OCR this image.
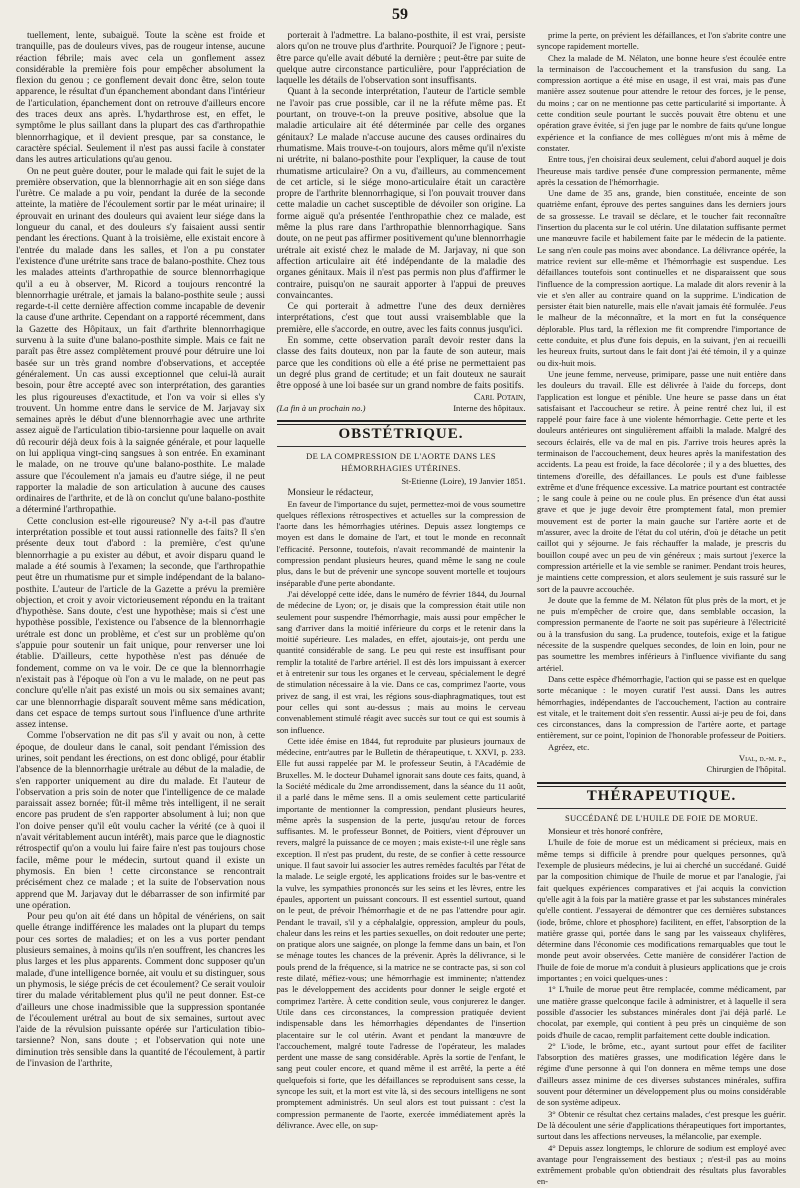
59

tuellement, lente, subaiguë. Toute la scène est froide et tranquille, pas de douleurs vives, pas de rougeur intense, aucune réaction fébrile; mais avec cela un gonflement assez considérable la première fois pour empêcher absolument la flexion du genou ; ce gonflement devait donc être, selon toute apparence, le résultat d'un épanchement abondant dans l'intérieur de l'articulation, épanchement dont on retrouve d'ailleurs encore des traces deux ans après. L'hydarthrose est, en effet, le symptôme le plus saillant dans la plupart des cas d'arthropathie blennorrhagique, et il devient presque, par sa constance, le caractère spécial. Seulement il n'est pas aussi facile à constater dans les autres articulations qu'au genou.

On ne peut guère douter, pour le malade qui fait le sujet de la première observation, que la blennorrhagie ait en son siége dans l'urètre. Ce malade a pu voir, pendant la durée de la seconde atteinte, la matière de l'écoulement sortir par le méat urinaire; il éprouvait en urinant des douleurs qui avaient leur siége dans la longueur du canal, et des douleurs s'y faisaient aussi sentir pendant les érections. Quant à la troisième, elle existait encore à l'entrée du malade dans les salles, et l'on a pu constater l'existence d'une urétrite sans trace de balano-posthite. Chez tous les malades atteints d'arthropathie de source blennorrhagique qu'il a eu à observer, M. Ricord a toujours rencontré la blennorrhagie urétrale, et jamais la balano-posthite seule ; aussi regarde-t-il cette dernière affection comme incapable de devenir la cause d'une arthrite. Cependant on a rapporté récemment, dans la Gazette des Hôpitaux, un fait d'arthrite blennorrhagique survenu à la suite d'une balano-posthite simple. Mais ce fait ne paraît pas être assez complètement prouvé pour détruire une loi basée sur un très grand nombre d'observations, et acceptée généralement. Un cas aussi exceptionnel que celui-là aurait besoin, pour être accepté avec son interprétation, des garanties les plus rigoureuses d'exactitude, et l'on va voir si elles s'y trouvent. Un homme entre dans le service de M. Jarjavay six semaines après le début d'une blennorrhagie avec une arthrite assez aiguë de l'articulation tibio-tarsienne pour laquelle on avait dû recourir déjà deux fois à la saignée générale, et pour laquelle on lui appliqua vingt-cinq sangsues à son entrée. En examinant le malade, on ne trouve qu'une balano-posthite. Le malade assure que l'écoulement n'a jamais eu d'autre siége, il ne peut rapporter la maladie de son articulation à aucune des causes ordinaires de l'arthrite, et de là on conclut qu'une balano-posthite a déterminé l'arthropathie.

Cette conclusion est-elle rigoureuse? N'y a-t-il pas d'autre interprétation possible et tout aussi rationnelle des faits? Il s'en présente deux tout d'abord : la première, c'est qu'une blennorrhagie a pu exister au début, et avoir disparu quand le malade a été soumis à l'examen; la seconde, que l'arthropathie peut être un rhumatisme pur et simple indépendant de la balano-posthite. L'auteur de l'article de la Gazette a prévu la première objection, et croit y avoir victorieusement répondu en la traitant d'hypothèse. Sans doute, c'est une hypothèse; mais si c'est une hypothèse possible, l'existence ou l'absence de la blennorrhagie urétrale est donc un problème, et c'est sur un problème qu'on s'appuie pour soutenir un fait unique, pour renverser une loi établie. D'ailleurs, cette hypothèse n'est pas dénuée de fondement, comme on va le voir. De ce que la blennorrhagie n'existait pas à l'époque où l'on a vu le malade, on ne peut pas conclure qu'elle n'ait pas existé un mois ou six semaines avant; car une blennorrhagie disparaît souvent même sans médication, dans cet espace de temps surtout sous l'influence d'une arthrite assez intense.

Comme l'observation ne dit pas s'il y avait ou non, à cette époque, de douleur dans le canal, soit pendant l'émission des urines, soit pendant les érections, on est donc obligé, pour établir l'absence de la blennorrhagie urétrale au début de la maladie, de s'en rapporter uniquement au dire du malade. Et l'auteur de l'observation a pris soin de noter que l'intelligence de ce malade paraissait assez bornée; fût-il même très intelligent, il ne serait encore pas prudent de s'en rapporter absolument à lui; non que l'on doive penser qu'il eût voulu cacher la vérité (ce à quoi il n'avait véritablement aucun intérêt), mais parce que le diagnostic rétrospectif qu'on a voulu lui faire faire n'est pas toujours chose facile, même pour le médecin, surtout quand il existe un phymosis. En bien ! cette circonstance se rencontrait précisément chez ce malade ; et la suite de l'observation nous apprend que M. Jarjavay dut le débarrasser de son infirmité par une opération.

Pour peu qu'on ait été dans un hôpital de vénériens, on sait quelle étrange indifférence les malades ont la plupart du temps pour ces sortes de maladies; et on les a vus porter pendant plusieurs semaines, à moins qu'ils n'en souffrent, les chancres les plus larges et les plus apparents. Comment donc supposer qu'un malade, d'une intelligence bornée, ait voulu et su distinguer, sous un phymosis, le siége précis de cet écoulement? Ce serait vouloir tirer du malade véritablement plus qu'il ne peut donner. Est-ce d'ailleurs une chose inadmissible que la suppression spontanée de l'écoulement urétral au bout de six semaines, surtout avec l'aide de la révulsion puissante opérée sur l'articulation tibio-tarsienne? Non, sans doute ; et l'observation qui note une diminution très sensible dans la quantité de l'écoulement, à partir de l'invasion de l'arthrite,

porterait à l'admettre. La balano-posthite, il est vrai, persiste alors qu'on ne trouve plus d'arthrite. Pourquoi? Je l'ignore ; peut-être parce qu'elle avait débuté la dernière ; peut-être par suite de quelque autre circonstance particulière, pour l'appréciation de laquelle les détails de l'observation sont insuffisants.

Quant à la seconde interprétation, l'auteur de l'article semble ne l'avoir pas crue possible, car il ne la réfute même pas. Et pourtant, on trouve-t-on la preuve positive, absolue que la maladie articulaire ait été déterminée par celle des organes génitaux? Le malade n'accuse aucune des causes ordinaires du rhumatisme. Mais trouve-t-on toujours, alors même qu'il n'existe ni urétrite, ni balano-posthite pour l'expliquer, la cause de tout rhumatisme articulaire? On a vu, d'ailleurs, au commencement de cet article, si le siége mono-articulaire était un caractère propre de l'arthrite blennorrhagique, si l'on pouvait trouver dans cette maladie un cachet susceptible de dévoiler son origine. La forme aiguë qu'a présentée l'enthropathie chez ce malade, est même la plus rare dans l'arthropathie blennorrhagique. Sans doute, on ne peut pas affirmer positivement qu'une blennorrhagie urétrale ait existé chez le malade de M. Jarjavay, ni que son affection articulaire ait été indépendante de la maladie des organes génitaux. Mais il n'est pas permis non plus d'affirmer le contraire, puisqu'on ne saurait apporter à l'appui de preuves convaincantes.

Ce qui porterait à admettre l'une des deux dernières interprétations, c'est que tout aussi vraisemblable que la première, elle s'accorde, en outre, avec les faits connus jusqu'ici.

En somme, cette observation paraît devoir rester dans la classe des faits douteux, non par la faute de son auteur, mais parce que les conditions où elle a été prise ne permettaient pas un degré plus grand de certitude; et un fait douteux ne saurait être opposé à une loi basée sur un grand nombre de faits positifs.

Carl Potain,
(La fin à un prochain no.)	Interne des hôpitaux.
OBSTÉTRIQUE.
DE LA COMPRESSION DE L'AORTE DANS LES HÉMORRHAGIES UTÉRINES.
St-Etienne (Loire), 19 Janvier 1851.

Monsieur le rédacteur,

En faveur de l'importance du sujet, permettez-moi de vous soumettre quelques réflexions rétrospectives et actuelles sur la compression de l'aorte dans les hémorrhagies utérines. Depuis assez longtemps ce moyen est dans le domaine de l'art, et tout le monde en reconnaît l'efficacité. Personne, toutefois, n'avait recommandé de maintenir la compression pendant plusieurs heures, quand même le sang ne coule plus, dans le but de prévenir une syncope souvent mortelle et toujours inséparable d'une perte abondante.

J'ai développé cette idée, dans le numéro de février 1844, du Journal de médecine de Lyon; or, je disais que la compression était utile non seulement pour suspendre l'hémorrhagie, mais aussi pour empêcher le sang d'arriver dans la moitié inférieure du corps et le retenir dans la moitié supérieure. Les malades, en effet, ajoutais-je, ont perdu une quantité considérable de sang. Le peu qui reste est insuffisant pour remplir la totalité de l'arbre artériel. Il est dès lors impuissant à exercer et à entretenir sur tous les organes et le cerveau, spécialement le degré de stimulation nécessaire à la vie. Dans ce cas, comprimez l'aorte, vous privez de sang, il est vrai, les régions sous-diaphragmatiques, tout est pour celles qui sont au-dessus ; mais au moins le cerveau convenablement stimulé réagit avec succès sur tout ce qui est soumis à son influence.

Cette idée émise en 1844, fut reproduite par plusieurs journaux de médecine, entr'autres par le Bulletin de thérapeutique, t. XXVI, p. 233. Elle fut aussi rappelée par M. le professeur Seutin, à l'Académie de Bruxelles. M. le docteur Duhamel ignorait sans doute ces faits, quand, à la Société médicale du 2me arrondissement, dans la séance du 11 août, il a parlé dans le même sens. Il a omis seulement cette particularité importante de mentionner la compression, pendant plusieurs heures, même après la suspension de la perte, jusqu'au retour de forces suffisantes. M. le professeur Bonnet, de Poitiers, vient d'éprouver un revers, malgré la puissance de ce moyen ; mais existe-t-il une règle sans exception. Il n'est pas prudent, du reste, de se confier à cette ressource unique. Il faut savoir lui associer les autres remèdes facultés par l'état de la malade. Le seigle ergoté, les applications froides sur le bas-ventre et la vulve, les sympathies prononcés sur les seins et les lèvres, entre les épaules, apportent un puissant concours. Il est essentiel surtout, quand on le peut, de prévoir l'hémorrhagie et de ne pas l'attendre pour agir. Pendant le travail, s'il y a céphalalgie, oppression, ampleur du pouls, chaleur dans les reins et les parties sexuelles, on doit redouter une perte; on pratique alors une saignée, on plonge la femme dans un bain, et l'on se ménage toutes les chances de la prévenir. Après la délivrance, si le pouls prend de la fréquence, si la matrice ne se contracte pas, si son col reste dilaté, méfiez-vous; une hémorrhagie est imminente; n'attendez pas le développement des accidents pour donner le seigle ergoté et comprimez l'artère. À cette condition seule, vous conjurerez le danger. Utile dans ces circonstances, la compression pratiquée devient indispensable dans les hémorrhagies dépendantes de l'insertion placentaire sur le col utérin. Avant et pendant la manœuvre de l'accouchement, malgré toute l'adresse de l'opérateur, les malades perdent une masse de sang considérable. Après la sortie de l'enfant, le sang peut couler encore, et quand même il est arrêté, la perte a été quelquefois si forte, que les défaillances se reproduisent sans cesse, la syncope les suit, et la mort est vite là, si des secours intelligens ne sont promptement administrés. Un seul alors est tout puissant : c'est la compression permanente de l'aorte, exercée immédiatement après la délivrance. Avec elle, on sup-

prime la perte, on prévient les défaillances, et l'on s'abrite contre une syncope rapidement mortelle.

Chez la malade de M. Nélaton, une bonne heure s'est écoulée entre la terminaison de l'accouchement et la transfusion du sang. La compression aortique a été mise en usage, il est vrai, mais pas d'une manière assez soutenue pour attendre le retour des forces, je le pense, du moins ; car on ne mentionne pas cette particularité si importante. À cette condition seule pourtant le succès pouvait être obtenu et une opération grave évitée, si j'en juge par le nombre de faits qu'une longue expérience et la confiance de mes collègues m'ont mis à même de constater.

Entre tous, j'en choisirai deux seulement, celui d'abord auquel je dois l'heureuse mais tardive pensée d'une compression permanente, même après la cessation de l'hémorrhagie.

Une dame de 35 ans, grande, bien constituée, enceinte de son quatrième enfant, éprouve des pertes sanguines dans les derniers jours de sa grossesse. Le travail se déclare, et le toucher fait reconnaître l'insertion du placenta sur le col utérin. Une dilatation suffisante permet une manœuvre facile et habilement faite par le médecin de la patiente. Le sang n'en coule pas moins avec abondance. La délivrance opérée, la matrice revient sur elle-même et l'hémorrhagie est suspendue. Les défaillances toutefois sont continuelles et ne disparaissent que sous l'influence de la compression aortique. La malade dit alors revenir à la vie et s'en aller au contraire quand on la supprime. L'indication de persister était bien naturelle, mais elle n'avait jamais été formulée. J'eus le malheur de la méconnaître, et la mort en fut la conséquence déplorable. Plus tard, la réflexion me fit comprendre l'importance de cette conduite, et plus d'une fois depuis, en la suivant, j'en ai recueilli les heureux fruits, surtout dans le fait dont j'ai été témoin, il y a quinze ou dix-huit mois.

Une jeune femme, nerveuse, primipare, passe une nuit entière dans les douleurs du travail. Elle est délivrée à l'aide du forceps, dont l'application est longue et pénible. Une heure se passe dans un état satisfaisant et l'accoucheur se retire. À peine rentré chez lui, il est rappelé pour faire face à une violente hémorrhagie. Cette perte et les douleurs antérieures ont singulièrement affaibli la malade. Malgré des secours éclairés, elle va de mal en pis. J'arrive trois heures après la terminaison de l'accouchement, deux heures après la manifestation des accidents. La peau est froide, la face décolorée ; il y a des bluettes, des tintemens d'oreille, des défaillances. Le pouls est d'une faiblesse extrême et d'une fréquence excessive. La matrice pourtant est contractée ; le sang coule à peine ou ne coule plus. En présence d'un état aussi grave et que je juge devoir être promptement fatal, mon premier mouvement est de porter la main gauche sur l'artère aorte et de m'assurer, avec la droite de l'état du col utérin, d'où je détache un petit caillot qui y séjourne. Je fais réchauffer la malade, je prescris du bouillon coupé avec un peu de vin généreux ; mais surtout j'exerce la compression artérielle et la vie semble se ranimer. Pendant trois heures, je maintiens cette compression, et alors seulement je suis rassuré sur le sort de la pauvre accouchée.

Je doute que la femme de M. Nélaton fût plus près de la mort, et je ne puis m'empêcher de croire que, dans semblable occasion, la compression permanente de l'aorte ne soit pas supérieure à l'électricité ou à la transfusion du sang. La prudence, toutefois, exige et la fatigue nécessite de la suspendre quelques secondes, de loin en loin, pour ne pas soumettre les membres inférieurs à l'influence vivifiante du sang artériel.

Dans cette espèce d'hémorrhagie, l'action qui se passe est en quelque sorte mécanique : le moyen curatif l'est aussi. Dans les autres hémorrhagies, indépendantes de l'accouchement, l'action au contraire est vitale, et le traitement doit s'en ressentir. Aussi ai-je peu de foi, dans ces circonstances, dans la compression de l'artère aorte, et partage entièrement, sur ce point, l'opinion de l'honorable professeur de Poitiers.

Agréez, etc.

Vial, d.-m. p.,
Chirurgien de l'hôpital.
THÉRAPEUTIQUE.
SUCCÉDANÉ DE L'HUILE DE FOIE DE MORUE.

Monsieur et très honoré confrère,

L'huile de foie de morue est un médicament si précieux, mais en même temps si difficile à prendre pour quelques personnes, qu'à l'exemple de plusieurs médecins, je lui ai cherché un succédané. Guidé par la composition chimique de l'huile de morue et par l'analogie, j'ai fait quelques expériences comparatives et j'ai acquis la conviction qu'elle agit à la fois par la matière grasse et par les substances minérales qu'elle contient. J'essayerai de démontrer que ces dernières substances (iode, brôme, chlore et phosphore) facilitent, en effet, l'absorption de la matière grasse qui, portée dans le sang par les vaisseaux chylifères, détermine dans l'économie ces modifications remarquables que tout le monde peut avoir observées. Cette manière de considérer l'action de l'huile de foie de morue m'a conduit à plusieurs applications que je crois importantes ; en voici quelques-unes :

1° L'huile de morue peut être remplacée, comme médicament, par une matière grasse quelconque facile à administrer, et à laquelle il sera possible d'associer les substances minérales dont j'ai déjà parlé. Le chocolat, par exemple, qui contient à peu près un cinquième de son poids d'huile de cacao, remplit parfaitement cette double indication.

2° L'iode, le brôme, etc., ayant surtout pour effet de faciliter l'absorption des matières grasses, une modification légère dans le régime d'une personne à qui l'on donnera en même temps une dose d'ailleurs assez minime de ces diverses substances minérales, suffira souvent pour déterminer un développement plus ou moins considérable de son système adipeux.

3° Obtenir ce résultat chez certains malades, c'est presque les guérir. De là découlent une série d'applications thérapeutiques fort importantes, surtout dans les affections nerveuses, la mélancolie, par exemple.

4° Depuis assez longtemps, le chlorure de sodium est employé avec avantage pour l'engraissement des bestiaux ; n'est-il pas au moins extrêmement probable qu'on obtiendrait des résultats plus favorables en-
